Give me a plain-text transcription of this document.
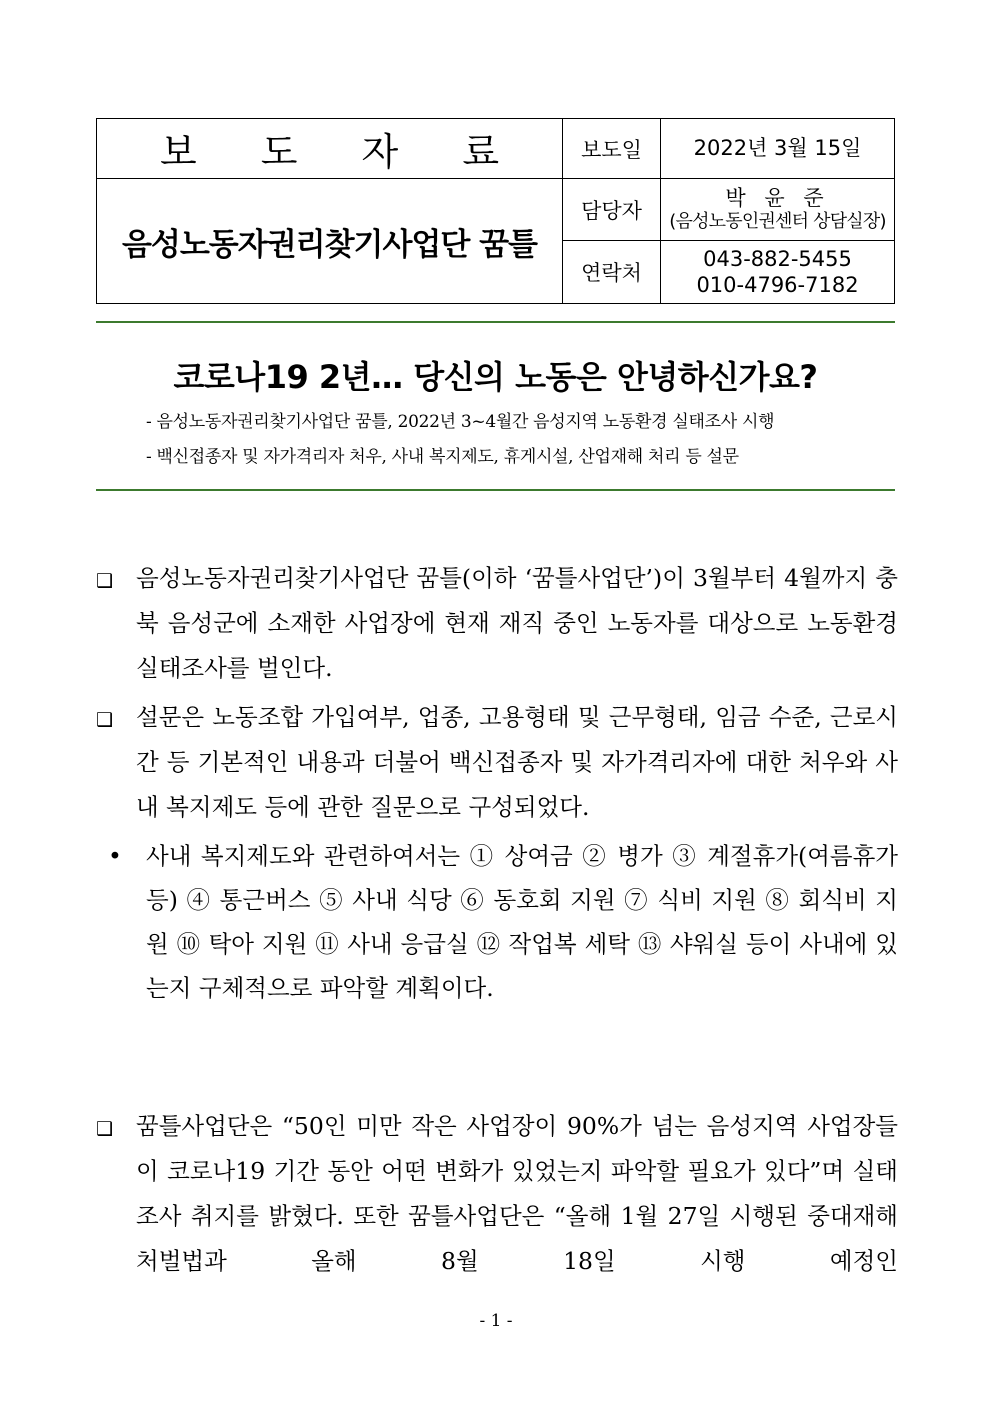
보 도 자 료
음성노동자권리찾기사업단 꿈틀
보도일	2022년 3월 15일
담당자
박 윤 준
(음성노동인권센터 상담실장)
연락처
043-882-5455
010-4796-7182
코로나19 2년… 당신의 노동은 안녕하신가요?
- 음성노동자권리찾기사업단 꿈틀, 2022년 3~4월간 음성지역 노동환경 실태조사 시행
- 백신접종자 및 자가격리자 처우, 사내 복지제도, 휴게시설, 산업재해 처리 등 설문
❑ 음성노동자권리찾기사업단 꿈틀(이하 ‘꿈틀사업단’)이 3월부터 4월까지 충북 음성군에 소재한 사업장에 현재 재직 중인 노동자를 대상으로 노동환경 실태조사를 벌인다.
❑ 설문은 노동조합 가입여부, 업종, 고용형태 및 근무형태, 임금 수준, 근로시간 등 기본적인 내용과 더불어 백신접종자 및 자가격리자에 대한 처우와 사내 복지제도 등에 관한 질문으로 구성되었다.
• 사내 복지제도와 관련하여서는 ① 상여금 ② 병가 ③ 계절휴가(여름휴가 등) ④ 통근버스 ⑤ 사내 식당 ⑥ 동호회 지원 ⑦ 식비 지원 ⑧ 회식비 지원 ⑩ 탁아 지원 ⑪ 사내 응급실 ⑫ 작업복 세탁 ⑬ 샤워실 등이 사내에 있는지 구체적으로 파악할 계획이다.
❑ 꿈틀사업단은 “50인 미만 작은 사업장이 90%가 넘는 음성지역 사업장들이 코로나19 기간 동안 어떤 변화가 있었는지 파악할 필요가 있다”며 실태조사 취지를 밝혔다. 또한 꿈틀사업단은 “올해 1월 27일 시행된 중대재해처벌법과 올해 8월 18일 시행 예정인
- 1 -
